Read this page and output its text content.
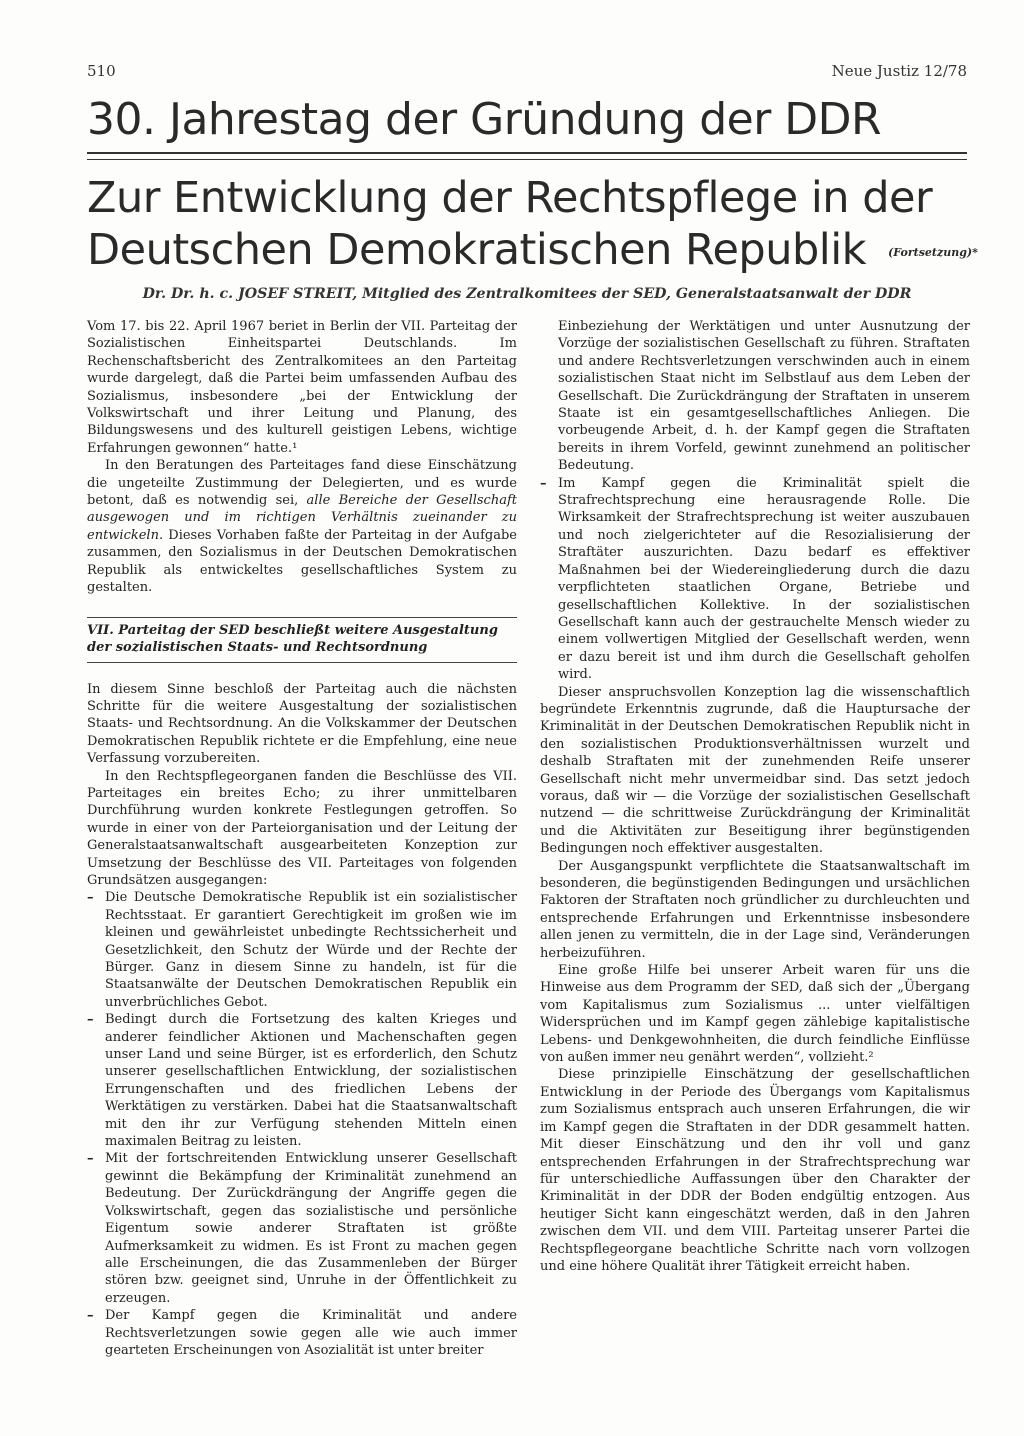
510	Neue Justiz 12/78
30. Jahrestag der Gründung der DDR
Zur Entwicklung der Rechtspflege in der
Deutschen Demokratischen Republik (Fortsetzung)*
Dr. Dr. h. c. JOSEF STREIT, Mitglied des Zentralkomitees der SED, Generalstaatsanwalt der DDR

Vom 17. bis 22. April 1967 beriet in Berlin der VII. Parteitag der Sozialistischen Einheitspartei Deutschlands. Im Rechenschaftsbericht des Zentralkomitees an den Parteitag wurde dargelegt, daß die Partei beim umfassenden Aufbau des Sozialismus, insbesondere „bei der Entwicklung der Volkswirtschaft und ihrer Leitung und Planung, des Bildungswesens und des kulturell geistigen Lebens, wichtige Erfahrungen gewonnen“ hatte.¹

In den Beratungen des Parteitages fand diese Einschätzung die ungeteilte Zustimmung der Delegierten, und es wurde betont, daß es notwendig sei, alle Bereiche der Gesellschaft ausgewogen und im richtigen Verhältnis zueinander zu entwickeln. Dieses Vorhaben faßte der Parteitag in der Aufgabe zusammen, den Sozialismus in der Deutschen Demokratischen Republik als entwickeltes gesellschaftliches System zu gestalten.

VII. Parteitag der SED beschließt weitere Ausgestaltung der sozialistischen Staats- und Rechtsordnung

In diesem Sinne beschloß der Parteitag auch die nächsten Schritte für die weitere Ausgestaltung der sozialistischen Staats- und Rechtsordnung. An die Volkskammer der Deutschen Demokratischen Republik richtete er die Empfehlung, eine neue Verfassung vorzubereiten.

In den Rechtspflegeorganen fanden die Beschlüsse des VII. Parteitages ein breites Echo; zu ihrer unmittelbaren Durchführung wurden konkrete Festlegungen getroffen. So wurde in einer von der Parteiorganisation und der Leitung der Generalstaatsanwaltschaft ausgearbeiteten Konzeption zur Umsetzung der Beschlüsse des VII. Parteitages von folgenden Grundsätzen ausgegangen:

– Die Deutsche Demokratische Republik ist ein sozialistischer Rechtsstaat. Er garantiert Gerechtigkeit im großen wie im kleinen und gewährleistet unbedingte Rechtssicherheit und Gesetzlichkeit, den Schutz der Würde und der Rechte der Bürger. Ganz in diesem Sinne zu handeln, ist für die Staatsanwälte der Deutschen Demokratischen Republik ein unverbrüchliches Gebot.
– Bedingt durch die Fortsetzung des kalten Krieges und anderer feindlicher Aktionen und Machenschaften gegen unser Land und seine Bürger, ist es erforderlich, den Schutz unserer gesellschaftlichen Entwicklung, der sozialistischen Errungenschaften und des friedlichen Lebens der Werktätigen zu verstärken. Dabei hat die Staatsanwaltschaft mit den ihr zur Verfügung stehenden Mitteln einen maximalen Beitrag zu leisten.
– Mit der fortschreitenden Entwicklung unserer Gesellschaft gewinnt die Bekämpfung der Kriminalität zunehmend an Bedeutung. Der Zurückdrängung der Angriffe gegen die Volkswirtschaft, gegen das sozialistische und persönliche Eigentum sowie anderer Straftaten ist größte Aufmerksamkeit zu widmen. Es ist Front zu machen gegen alle Erscheinungen, die das Zusammenleben der Bürger stören bzw. geeignet sind, Unruhe in der Öffentlichkeit zu erzeugen.
– Der Kampf gegen die Kriminalität und andere Rechtsverletzungen sowie gegen alle wie auch immer gearteten Erscheinungen von Asozialität ist unter breiter
Einbeziehung der Werktätigen und unter Ausnutzung der Vorzüge der sozialistischen Gesellschaft zu führen. Straftaten und andere Rechtsverletzungen verschwinden auch in einem sozialistischen Staat nicht im Selbstlauf aus dem Leben der Gesellschaft. Die Zurückdrängung der Straftaten in unserem Staate ist ein gesamtgesellschaftliches Anliegen. Die vorbeugende Arbeit, d. h. der Kampf gegen die Straftaten bereits in ihrem Vorfeld, gewinnt zunehmend an politischer Bedeutung.
– Im Kampf gegen die Kriminalität spielt die Strafrechtsprechung eine herausragende Rolle. Die Wirksamkeit der Strafrechtsprechung ist weiter auszubauen und noch zielgerichteter auf die Resozialisierung der Straftäter auszurichten. Dazu bedarf es effektiver Maßnahmen bei der Wiedereingliederung durch die dazu verpflichteten staatlichen Organe, Betriebe und gesellschaftlichen Kollektive. In der sozialistischen Gesellschaft kann auch der gestrauchelte Mensch wieder zu einem vollwertigen Mitglied der Gesellschaft werden, wenn er dazu bereit ist und ihm durch die Gesellschaft geholfen wird.

Dieser anspruchsvollen Konzeption lag die wissenschaftlich begründete Erkenntnis zugrunde, daß die Hauptursache der Kriminalität in der Deutschen Demokratischen Republik nicht in den sozialistischen Produktionsverhältnissen wurzelt und deshalb Straftaten mit der zunehmenden Reife unserer Gesellschaft nicht mehr unvermeidbar sind. Das setzt jedoch voraus, daß wir — die Vorzüge der sozialistischen Gesellschaft nutzend — die schrittweise Zurückdrängung der Kriminalität und die Aktivitäten zur Beseitigung ihrer begünstigenden Bedingungen noch effektiver ausgestalten.

Der Ausgangspunkt verpflichtete die Staatsanwaltschaft im besonderen, die begünstigenden Bedingungen und ursächlichen Faktoren der Straftaten noch gründlicher zu durchleuchten und entsprechende Erfahrungen und Erkenntnisse insbesondere allen jenen zu vermitteln, die in der Lage sind, Veränderungen herbeizuführen.

Eine große Hilfe bei unserer Arbeit waren für uns die Hinweise aus dem Programm der SED, daß sich der „Übergang vom Kapitalismus zum Sozialismus ... unter vielfältigen Widersprüchen und im Kampf gegen zählebige kapitalistische Lebens- und Denkgewohnheiten, die durch feindliche Einflüsse von außen immer neu genährt werden“, vollzieht.²

Diese prinzipielle Einschätzung der gesellschaftlichen Entwicklung in der Periode des Übergangs vom Kapitalismus zum Sozialismus entsprach auch unseren Erfahrungen, die wir im Kampf gegen die Straftaten in der DDR gesammelt hatten. Mit dieser Einschätzung und den ihr voll und ganz entsprechenden Erfahrungen in der Strafrechtsprechung war für unterschiedliche Auffassungen über den Charakter der Kriminalität in der DDR der Boden endgültig entzogen. Aus heutiger Sicht kann eingeschätzt werden, daß in den Jahren zwischen dem VII. und dem VIII. Parteitag unserer Partei die Rechtspflegeorgane beachtliche Schritte nach vorn vollzogen und eine höhere Qualität ihrer Tätigkeit erreicht haben.
